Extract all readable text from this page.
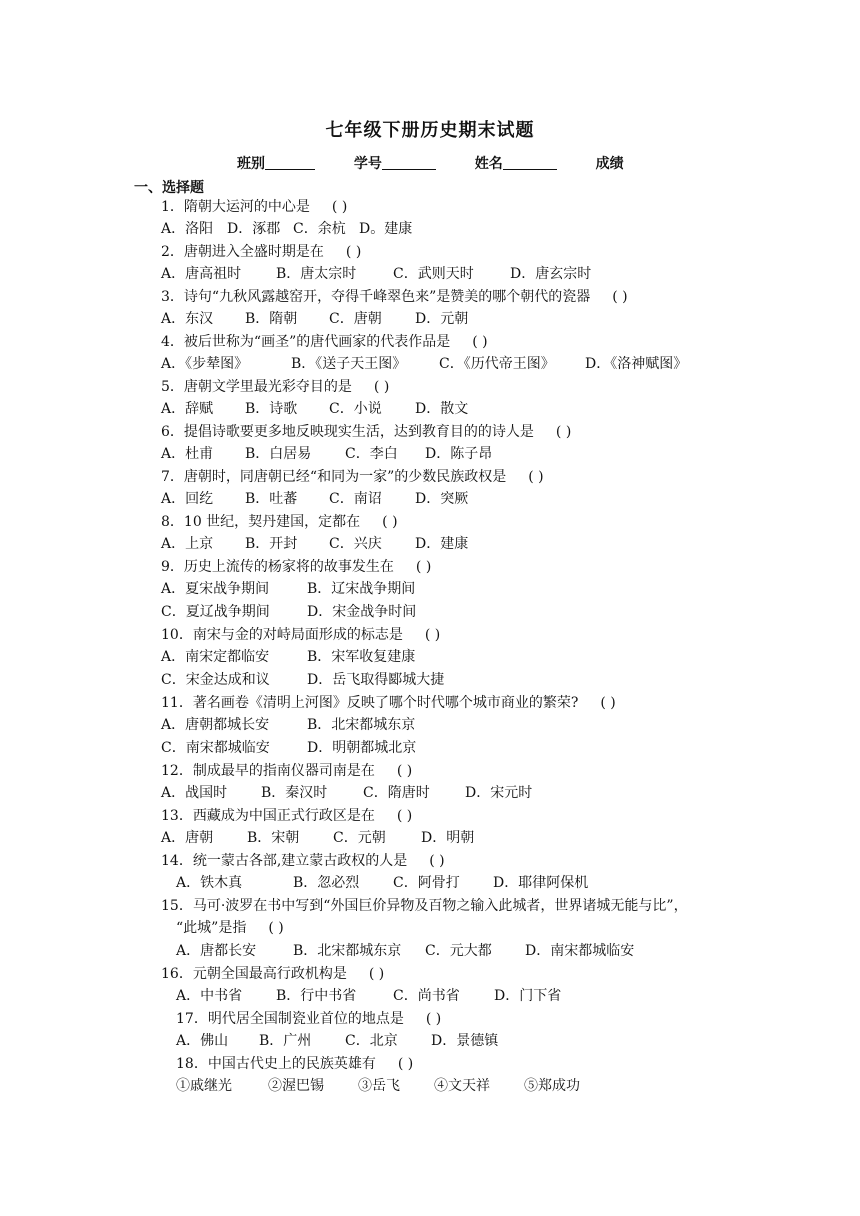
七年级下册历史期末试题
班别	学号	姓名	成绩
一、选择题
1．隋朝大运河的中心是 ( )
A．洛阳 D．涿郡 C．余杭 D。建康
2．唐朝进入全盛时期是在 ( )
A．唐高祖时 B．唐太宗时	C．武则天时	D．唐玄宗时
3．诗句“九秋风露越窑开，夺得千峰翠色来”是赞美的哪个朝代的瓷器 ( )
A．东汉 B．隋朝 C．唐朝 D．元朝
4．被后世称为“画圣”的唐代画家的代表作品是 ( )
A．《步辇图》	B．《送子天王图》 C．《历代帝王图》 D．《洛神赋图》
5．唐朝文学里最光彩夺目的是 ( )
A．辞赋 B．诗歌 C．小说 D．散文
6．提倡诗歌要更多地反映现实生活，达到教育目的的诗人是 ( )
A．杜甫 B．白居易 C．李白 D．陈子昂
7．唐朝时，同唐朝已经“和同为一家”的少数民族政权是 ( )
A．回纥 B．吐蕃 C．南诏 D．突厥
8．10 世纪，契丹建国，定都在 ( )
A．上京 B．开封 C．兴庆 D．建康
9．历史上流传的杨家将的故事发生在 ( )
A．夏宋战争期间	B．辽宋战争期间
C．夏辽战争期间	D．宋金战争时间
10．南宋与金的对峙局面形成的标志是 ( )
A．南宋定都临安	B．宋军收复建康
C．宋金达成和议	D．岳飞取得郾城大捷
11．著名画卷《清明上河图》反映了哪个时代哪个城市商业的繁荣? ( )
A．唐朝都城长安	B．北宋都城东京
C．南宋都城临安	D．明朝都城北京
12．制成最早的指南仪器司南是在 ( )
A．战国时 B．秦汉时	C．隋唐时	D．宋元时
13．西藏成为中国正式行政区是在 ( )
A．唐朝 B．宋朝 C．元朝	D．明朝
14．统一蒙古各部,建立蒙古政权的人是 ( )
A．铁木真	B．忽必烈 C．阿骨打 D．耶律阿保机
15．马可·波罗在书中写到“外国巨价异物及百物之输入此城者，世界诸城无能与比”，
“此城”是指 ( )
A．唐都长安	B．北宋都城东京 C．元大都 D．南宋都城临安
16．元朝全国最高行政机构是 ( )
A．中书省 B．行中书省	C．尚书省 D．门下省
17．明代居全国制瓷业首位的地点是 ( )
A．佛山 B．广州 C．北京 D．景德镇
18．中国古代史上的民族英雄有 ( )
①戚继光	②渥巴锡 ③岳飞 ④文天祥 ⑤郑成功
